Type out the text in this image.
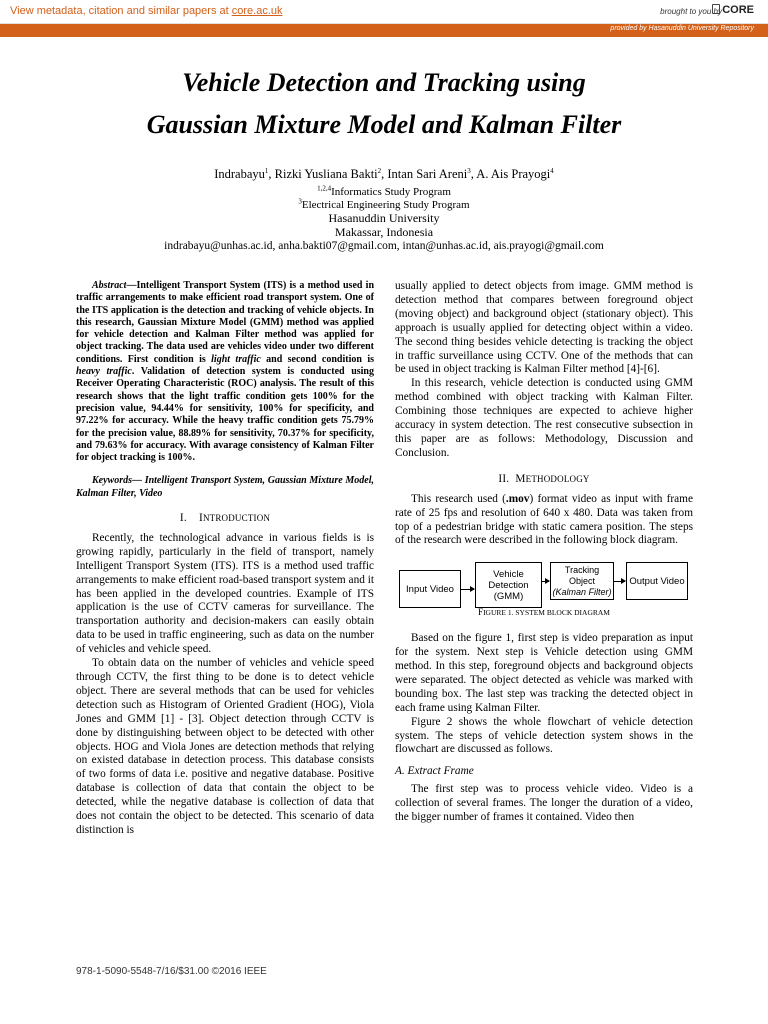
View metadata, citation and similar papers at core.ac.uk	brought to you by CORE
provided by Hasanuddin University Repository
Vehicle Detection and Tracking using
Gaussian Mixture Model and Kalman Filter
Indrabayu$^1$, Rizki Yusliana Bakti$^2$, Intan Sari Areni$^3$, A. Ais Prayogi$^4$
$^{1,2,4}$Informatics Study Program
$^3$Electrical Engineering Study Program
Hasanuddin University
Makassar, Indonesia
indrabayu@unhas.ac.id, anha.bakti07@gmail.com, intan@unhas.ac.id, ais.prayogi@gmail.com

Abstract—Intelligent Transport System (ITS) is a method used in traffic arrangements to make efficient road transport system. One of the ITS application is the detection and tracking of vehicle objects. In this research, Gaussian Mixture Model (GMM) method was applied for vehicle detection and Kalman Filter method was applied for object tracking. The data used are vehicles video under two different conditions. First condition is light traffic and second condition is heavy traffic. Validation of detection system is conducted using Receiver Operating Characteristic (ROC) analysis. The result of this research shows that the light traffic condition gets 100% for the precision value, 94.44% for sensitivity, 100% for specificity, and 97.22% for accuracy. While the heavy traffic condition gets 75.79% for the precision value, 88.89% for sensitivity, 70.37% for specificity, and 79.63% for accuracy. With avarage consistency of Kalman Filter for object tracking is 100%.

Keywords— Intelligent Transport System, Gaussian Mixture Model, Kalman Filter, Video

I. INTRODUCTION

Recently, the technological advance in various fields is is growing rapidly, particularly in the field of transport, namely Intelligent Transport System (ITS). ITS is a method used traffic arrangements to make efficient road-based transport system and it has been applied in the developed countries. Example of ITS application is the use of CCTV cameras for surveillance. The transportation authority and decision-makers can easily obtain data to be used in traffic engineering, such as data on the number of vehicles and vehicle speed.

To obtain data on the number of vehicles and vehicle speed through CCTV, the first thing to be done is to detect vehicle object. There are several methods that can be used for vehicles detection such as Histogram of Oriented Gradient (HOG), Viola Jones and GMM [1] - [3]. Object detection through CCTV is done by distinguishing between object to be detected with other objects. HOG and Viola Jones are detection methods that relying on existed database in detection process. This database consists of two forms of data i.e. positive and negative database. Positive database is collection of data that contain the object to be detected, while the negative database is collection of data that does not contain the object to be detected. This scenario of data distinction is

usually applied to detect objects from image. GMM method is detection method that compares between foreground object (moving object) and background object (stationary object). This approach is usually applied for detecting object within a video. The second thing besides vehicle detecting is tracking the object in traffic surveillance using CCTV. One of the methods that can be used in object tracking is Kalman Filter method [4]-[6].

In this research, vehicle detection is conducted using GMM method combined with object tracking with Kalman Filter. Combining those techniques are expected to achieve higher accuracy in system detection. The rest consecutive subsection in this paper are as follows: Methodology, Discussion and Conclusion.

II. METHODOLOGY

This research used (.mov) format video as input with frame rate of 25 fps and resolution of 640 x 480. Data was taken from top of a pedestrian bridge with static camera position. The steps of the research were described in the following block diagram.

Input Video
Vehicle
Detection
(GMM)
Tracking Object
(Kalman Filter)
Output Video
FIGURE 1. SYSTEM BLOCK DIAGRAM

Based on the figure 1, first step is video preparation as input for the system. Next step is Vehicle detection using GMM method. In this step, foreground objects and background objects were separated. The object detected as vehicle was marked with bounding box. The last step was tracking the detected object in each frame using Kalman Filter.

Figure 2 shows the whole flowchart of vehicle detection system. The steps of vehicle detection system shows in the flowchart are discussed as follows.

A. Extract Frame

The first step was to process vehicle video. Video is a collection of several frames. The longer the duration of a video, the bigger number of frames it contained. Video then

978-1-5090-5548-7/16/$31.00 ©2016 IEEE
